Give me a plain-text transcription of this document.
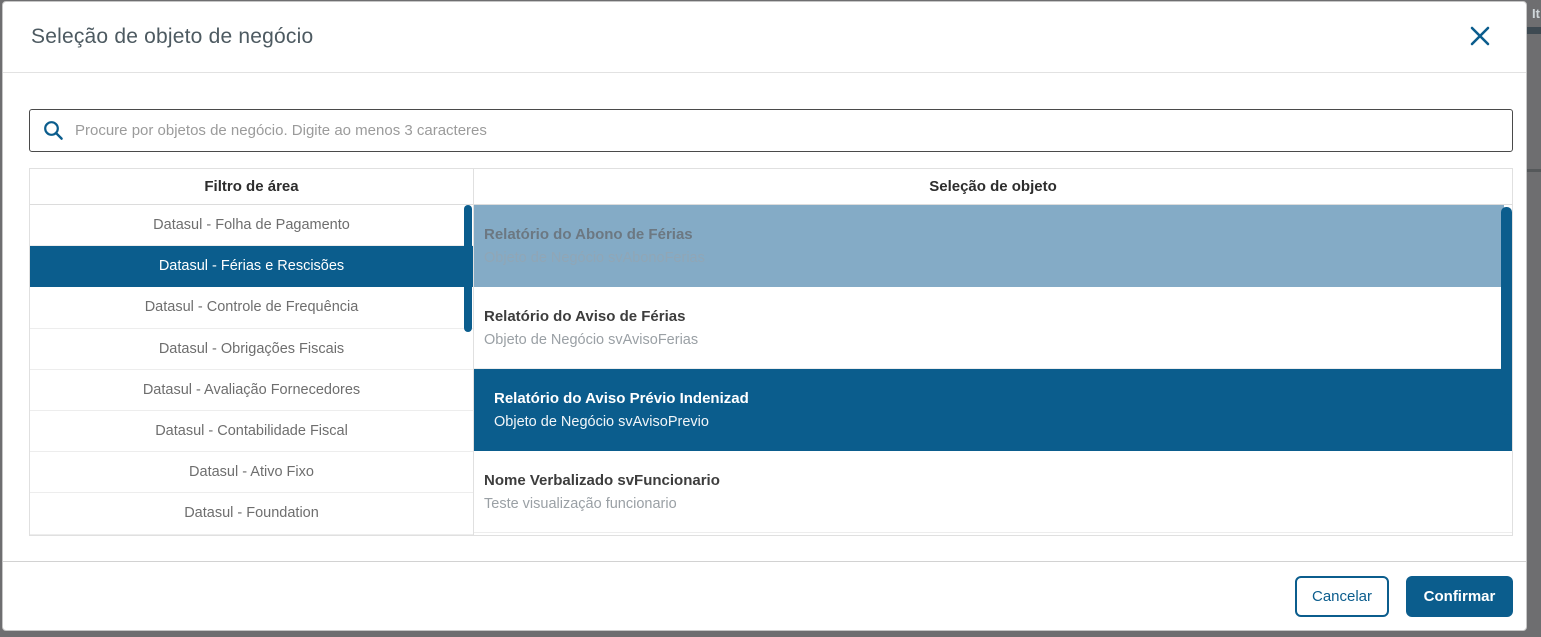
It
Seleção de objeto de negócio
Procure por objetos de negócio. Digite ao menos 3 caracteres
Filtro de área
Datasul - Folha de Pagamento
Datasul - Férias e Rescisões
Datasul - Controle de Frequência
Datasul - Obrigações Fiscais
Datasul - Avaliação Fornecedores
Datasul - Contabilidade Fiscal
Datasul - Ativo Fixo
Datasul - Foundation
Seleção de objeto
Relatório do Abono de Férias
Objeto de Negócio svAbonoFerias
Relatório do Aviso de Férias
Objeto de Negócio svAvisoFerias
Relatório do Aviso Prévio Indenizad
Objeto de Negócio svAvisoPrevio
Nome Verbalizado svFuncionario
Teste visualização funcionario
Cancelar	Confirmar
